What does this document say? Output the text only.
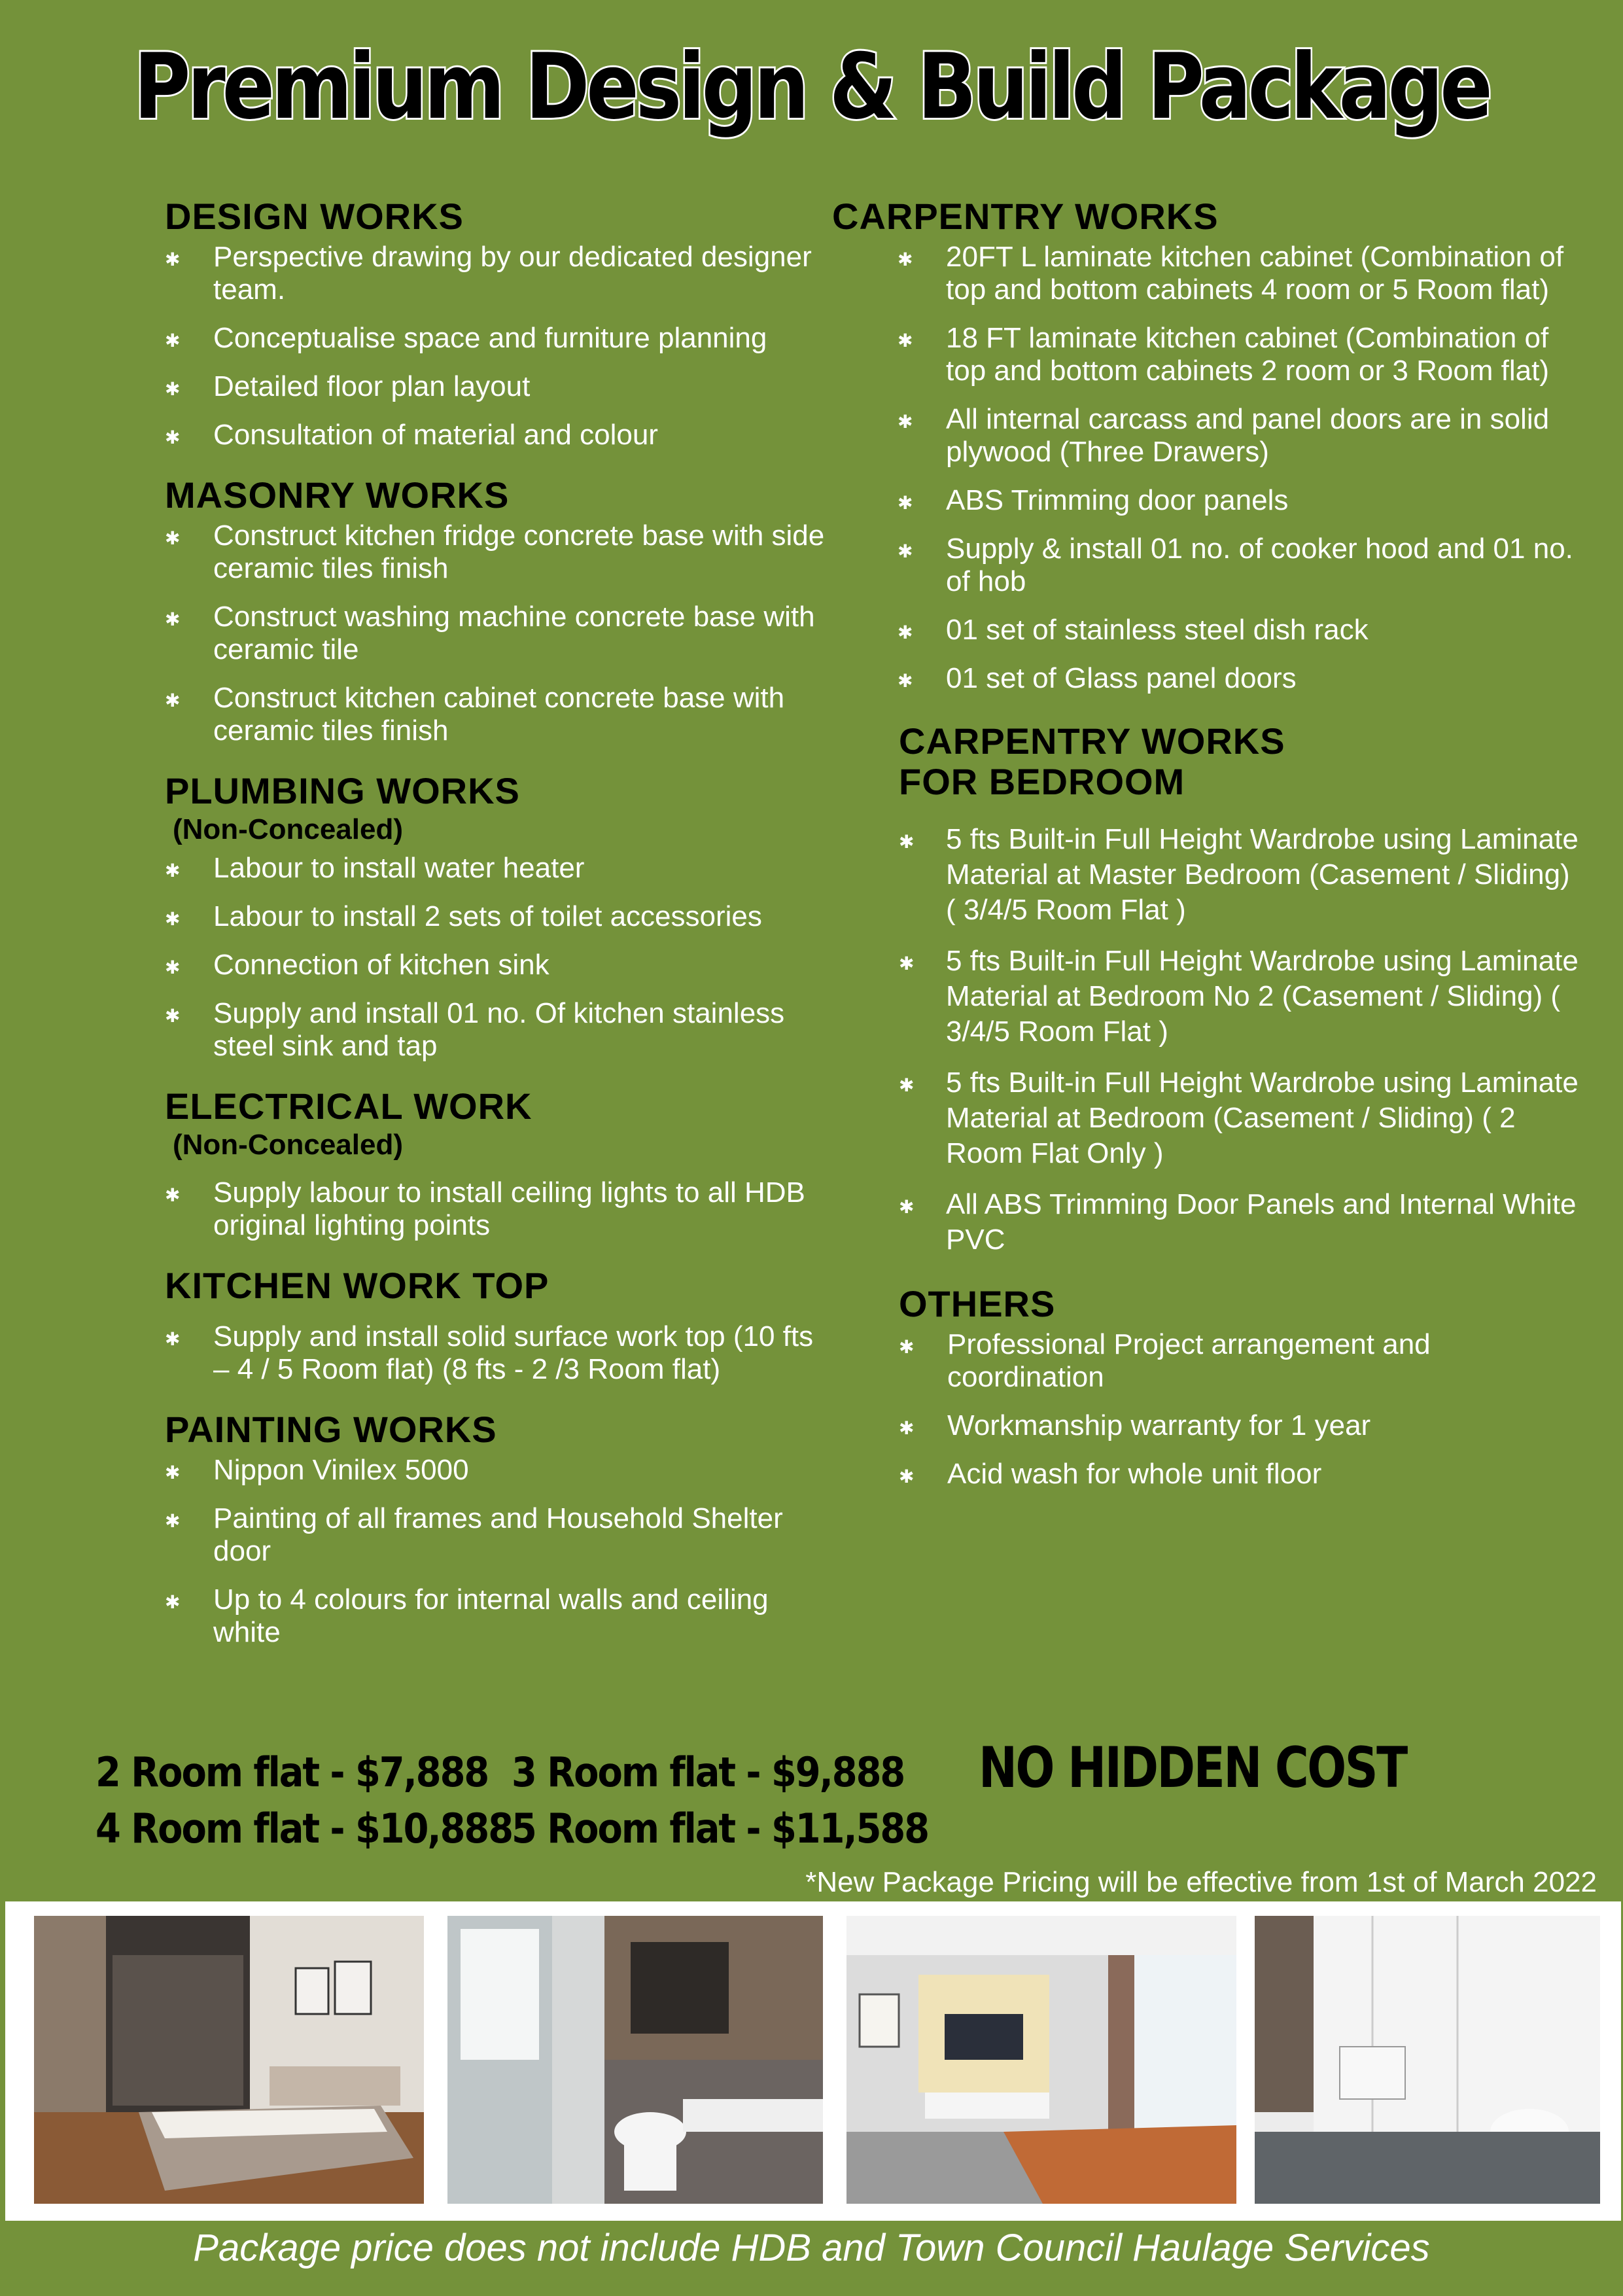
Premium Design & Build Package
DESIGN WORKS
✱ Perspective drawing by our dedicated designer team.
✱ Conceptualise space and furniture planning
✱ Detailed floor plan layout
✱ Consultation of material and colour
MASONRY WORKS
✱ Construct kitchen fridge concrete base with side ceramic tiles finish
✱ Construct washing machine concrete base with ceramic tile
✱ Construct kitchen cabinet concrete base with ceramic tiles finish
PLUMBING WORKS
(Non-Concealed)
✱ Labour to install water heater
✱ Labour to install 2 sets of toilet accessories
✱ Connection of kitchen sink
✱ Supply and install 01 no. Of kitchen stainless steel sink and tap
ELECTRICAL WORK
(Non-Concealed)
✱ Supply labour to install ceiling lights to all HDB original lighting points
KITCHEN WORK TOP
✱ Supply and install solid surface work top (10 fts – 4 / 5 Room flat) (8 fts - 2 /3 Room flat)
PAINTING WORKS
✱ Nippon Vinilex 5000
✱ Painting of all frames and Household Shelter door
✱ Up to 4 colours for internal walls and ceiling white
CARPENTRY WORKS
✱ 20FT L laminate kitchen cabinet (Combination of top and bottom cabinets 4 room or 5 Room flat)
✱ 18 FT laminate kitchen cabinet (Combination of top and bottom cabinets 2 room or 3 Room flat)
✱ All internal carcass and panel doors are in solid plywood (Three Drawers)
✱ ABS Trimming door panels
✱ Supply & install 01 no. of cooker hood and 01 no. of hob
✱ 01 set of stainless steel dish rack
✱ 01 set of Glass panel doors
CARPENTRY WORKS
FOR BEDROOM
✱ 5 fts Built-in Full Height Wardrobe using Laminate Material at Master Bedroom (Casement / Sliding) ( 3/4/5 Room Flat )
✱ 5 fts Built-in Full Height Wardrobe using Laminate Material at Bedroom No 2 (Casement / Sliding) ( 3/4/5 Room Flat )
✱ 5 fts Built-in Full Height Wardrobe using Laminate Material at Bedroom (Casement / Sliding) ( 2 Room Flat Only )
✱ All ABS Trimming Door Panels and Internal White PVC
OTHERS
✱ Professional Project arrangement and coordination
✱ Workmanship warranty for 1 year
✱ Acid wash for whole unit floor
2 Room flat - $7,888 3 Room flat - $9,888
4 Room flat - $10,888
5 Room flat - $11,588
NO HIDDEN COST
*New Package Pricing will be effective from 1st of March 2022
Package price does not include HDB and Town Council Haulage Services
